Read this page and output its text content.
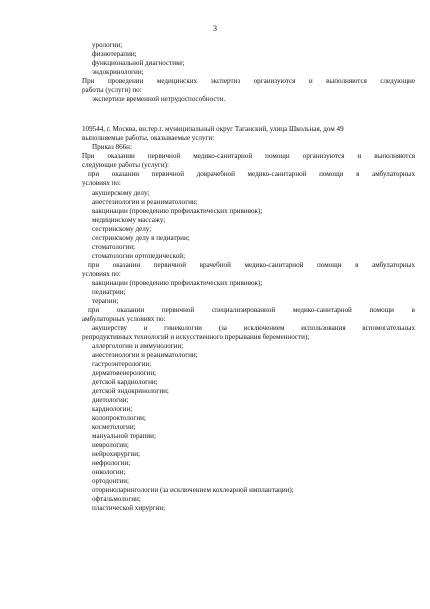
3
урологии;
физиотерапии;
функциональной диагностике;
эндокринологии;
При проведении медицинских экспертиз организуются и выполняются следующие
работы (услуги) по:
экспертизе временной нетрудоспособности.
109544, г. Москва, вн.тер.г. муниципальный округ Таганский, улица Школьная, дом 49
выполняемые работы, оказываемые услуги:
Приказ 866н:
При оказании первичной медико-санитарной помощи организуются и выполняются
следующие работы (услуги):
при оказании первичной доврачебной медико-санитарной помощи в амбулаторных
условиях по:
акушерскому делу;
анестезиологии и реаниматологии;
вакцинации (проведению профилактических прививок);
медицинскому массажу;
сестринскому делу;
сестринскому делу в педиатрии;
стоматологии;
стоматологии ортопедической;
при оказании первичной врачебной медико-санитарной помощи в амбулаторных
условиях по:
вакцинации (проведению профилактических прививок);
педиатрии;
терапии;
при оказании первичной специализированной медико-санитарной помощи в
амбулаторных условиях по:
акушерству и гинекологии (за исключением использования вспомогательных
репродуктивных технологий и искусственного прерывания беременности);
аллергологии и иммунологии;
анестезиологии и реаниматологии;
гастроэнтерологии;
дерматовенерологии;
детской кардиологии;
детской эндокринологии;
диетологии;
кардиологии;
колопроктологии;
косметологии;
мануальной терапии;
неврологии;
нейрохирургии;
нефрологии;
онкологии;
ортодонтии;
оториноларингологии (за исключением кохлеарной имплантации);
офтальмологии;
пластической хирургии;
